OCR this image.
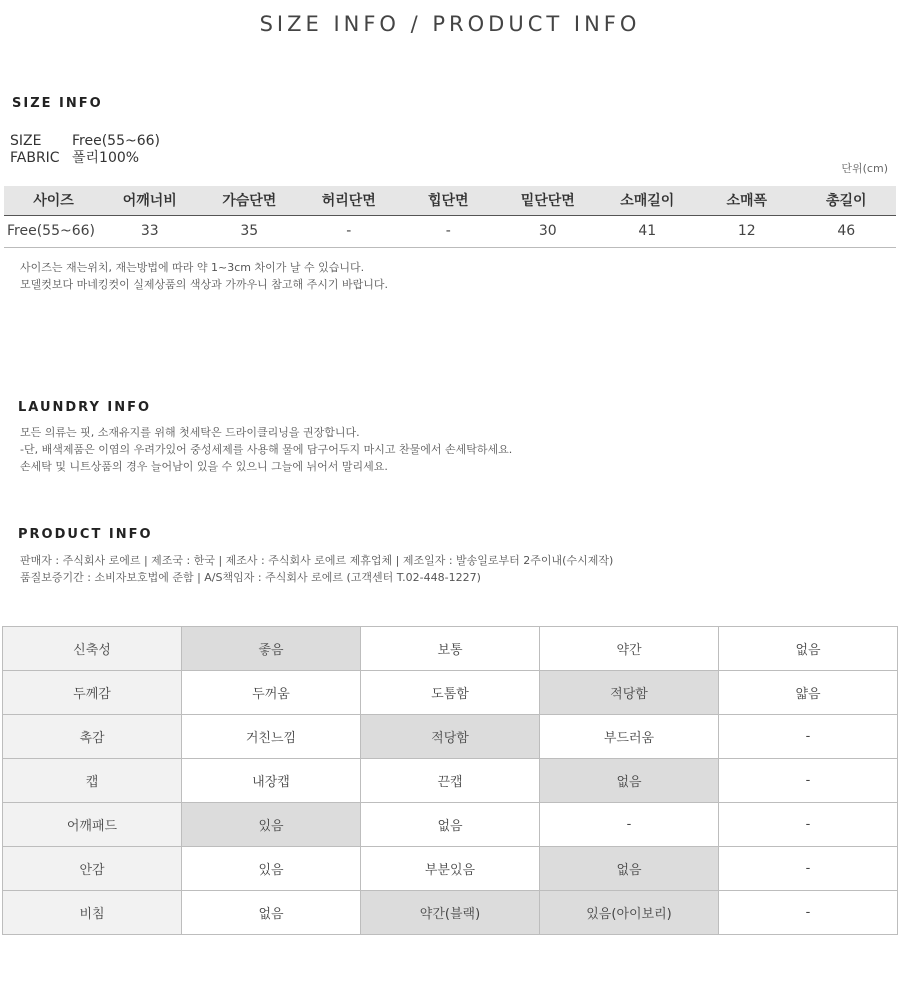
SIZE INFO / PRODUCT INFO
SIZE INFO
SIZE	Free(55~66)
FABRIC 폴리100%
단위(cm)
사이즈	어깨너비	가슴단면	허리단면	힙단면	밑단단면	소매길이	소매폭	총길이
Free(55~66)	33	35	-	-	30	41	12	46
사이즈는 재는위치, 재는방법에 따라 약 1~3cm 차이가 날 수 있습니다.
모델컷보다 마네킹컷이 실제상품의 색상과 가까우니 참고해 주시기 바랍니다.
LAUNDRY INFO
모든 의류는 핏, 소재유지를 위해 첫세탁은 드라이클리닝을 권장합니다.
-단, 배색제품은 이염의 우려가있어 중성세제를 사용해 물에 담구어두지 마시고 찬물에서 손세탁하세요.
손세탁 및 니트상품의 경우 늘어남이 있을 수 있으니 그늘에 뉘어서 말리세요.
PRODUCT INFO
판매자 : 주식회사 로에르 | 제조국 : 한국 | 제조사 : 주식회사 로에르 제휴업체 | 제조일자 : 발송일로부터 2주이내(수시제작)
품질보증기간 : 소비자보호법에 준함 | A/S책임자 : 주식회사 로에르 (고객센터 T.02-448-1227)
신축성	좋음	보통	약간	없음
두께감	두꺼움	도톰함	적당함	얇음
촉감	거친느낌	적당함	부드러움	-
캡	내장캡	끈캡	없음	-
어깨패드	있음	없음	-	-
안감	있음	부분있음	없음	-
비침	없음	약간(블랙)	있음(아이보리)	-
